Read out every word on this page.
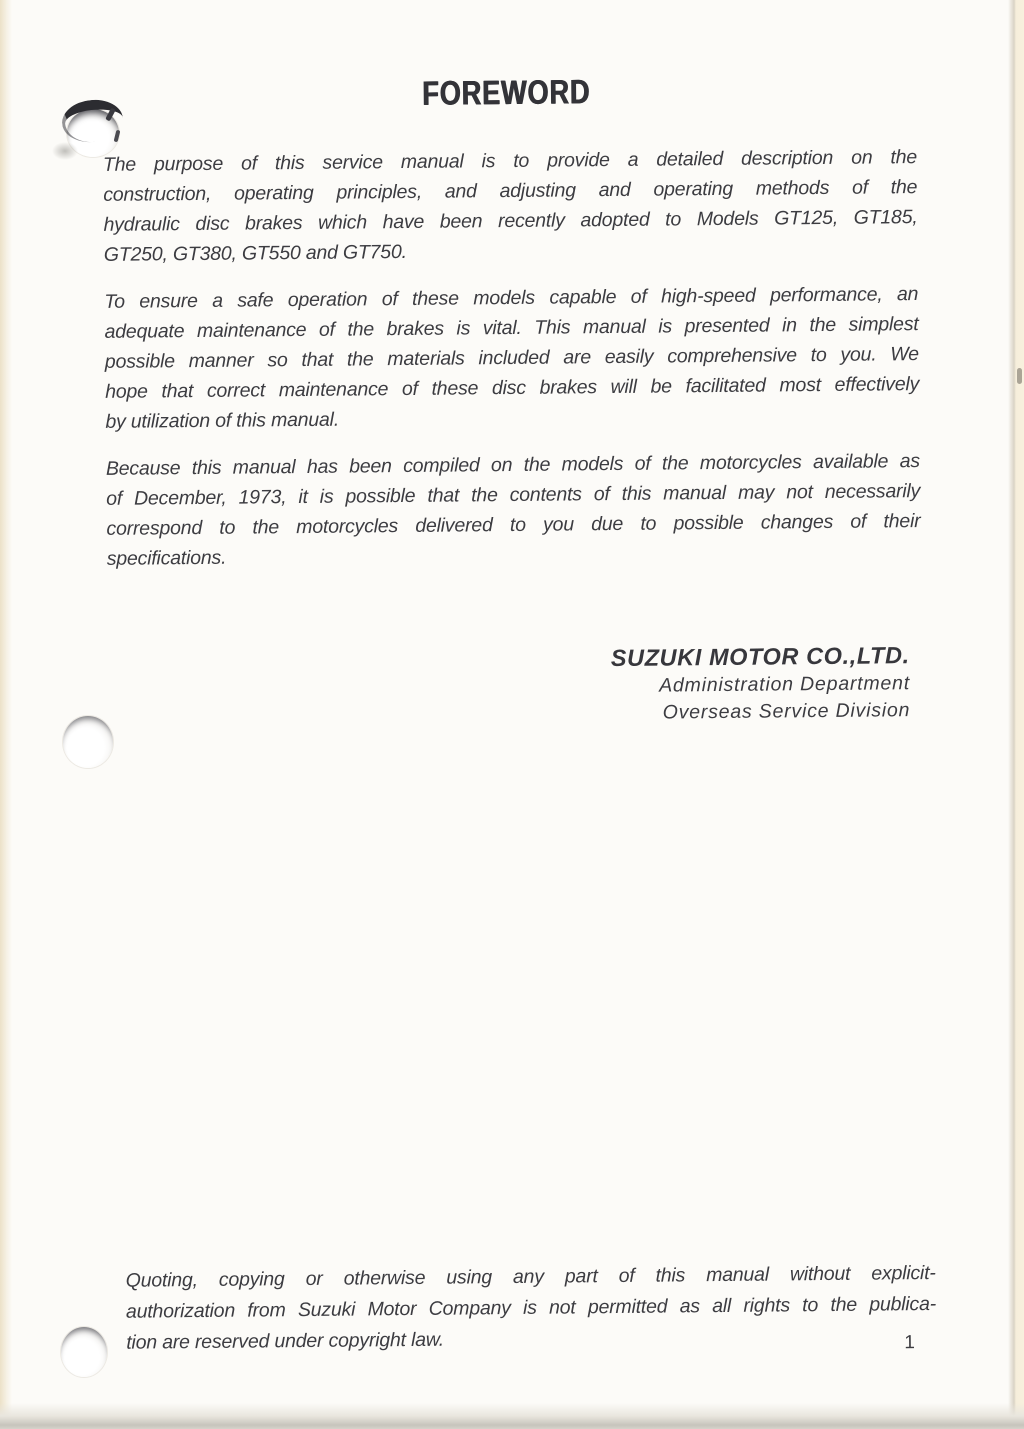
FOREWORD
The purpose of this service manual is to provide a detailed description on the
construction, operating principles, and adjusting and operating methods of the
hydraulic disc brakes which have been recently adopted to Models GT125, GT185,
GT250, GT380, GT550 and GT750.
To ensure a safe operation of these models capable of high-speed performance, an
adequate maintenance of the brakes is vital. This manual is presented in the simplest
possible manner so that the materials included are easily comprehensive to you. We
hope that correct maintenance of these disc brakes will be facilitated most effectively
by utilization of this manual.
Because this manual has been compiled on the models of the motorcycles available as
of December, 1973, it is possible that the contents of this manual may not necessarily
correspond to the motorcycles delivered to you due to possible changes of their
specifications.
SUZUKI MOTOR CO.,LTD.
Administration Department
Overseas Service Division
Quoting, copying or otherwise using any part of this manual without explicit-
authorization from Suzuki Motor Company is not permitted as all rights to the publica-
tion are reserved under copyright law.	1
